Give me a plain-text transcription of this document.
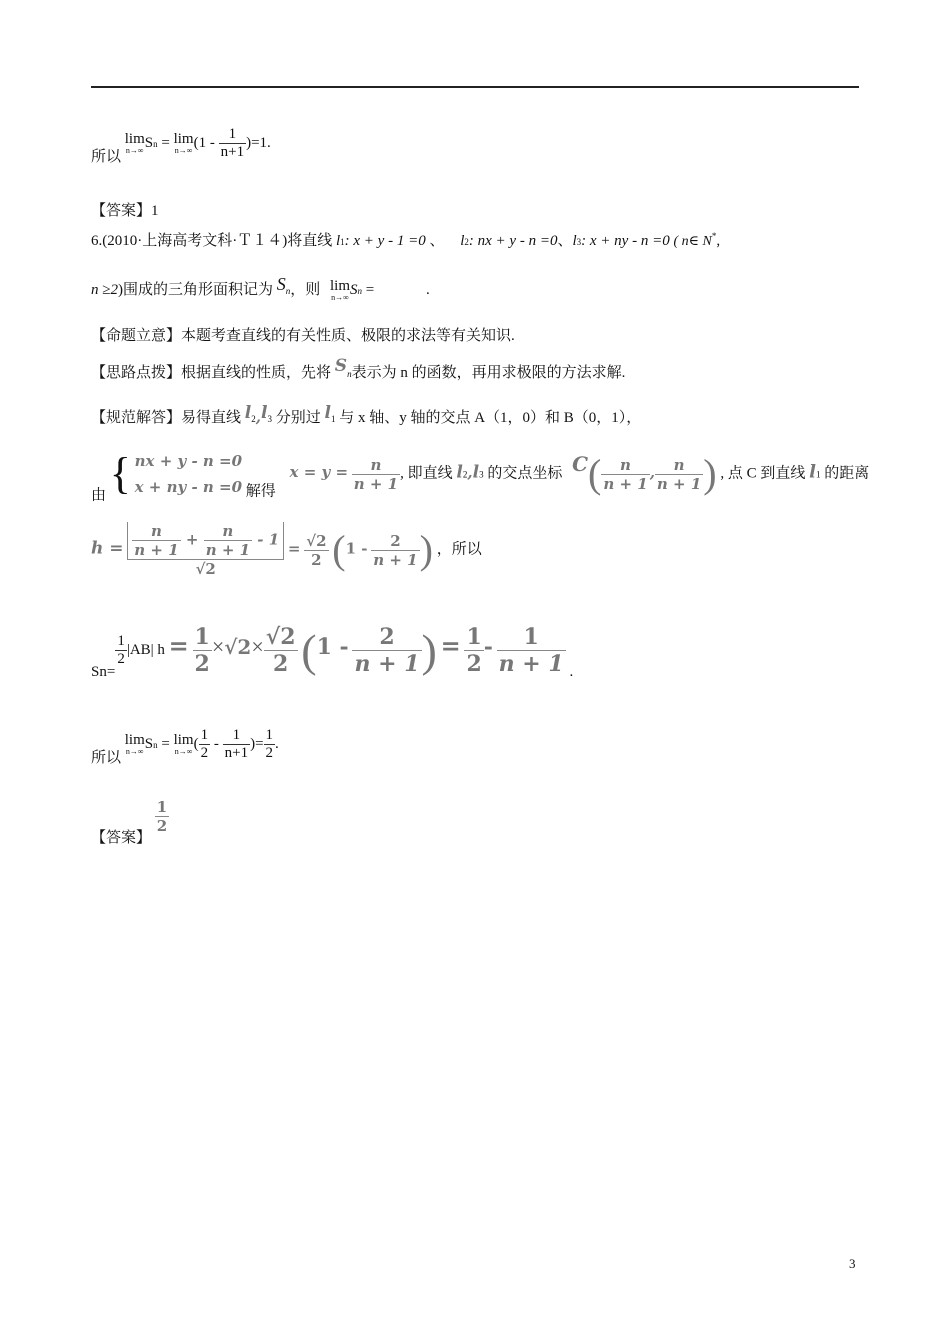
所以 lim
n→∞ Sn = lim
n→∞ $(1 - \frac{1}{n+1} )=1$.
【答案】1
6.(2010·上海高考文科·Ｔ１４)将直线 l1: x + y - 1 =0 、 l2: nx + y - n =0、l3: x + ny - n =0 ( n∈ N*,
n ≥2)围成的三角形面积记为 Sn，则 lim
n→∞ Sn =	.
【命题立意】本题考查直线的有关性质、极限的求法等有关知识.
【思路点拨】根据直线的性质，先将 Sn表示为 n 的函数，再用求极限的方法求解.
【规范解答】易得直线 l2,l3 分别过 l1 与 x 轴、y 轴的交点 A（1，0）和 B（0，1），
由 { nx + y - n =0
x + ny - n =0 解得 $x = y = \frac{n}{n + 1}$ , 即直线 l2,l3 的交点坐标 $C( \frac{n}{n + 1}$ , $\frac{n}{n + 1}$ ) , 点 C 到直线 l1 的距离
$h = \frac{\frac{n}{n + 1} + \frac{n}{n + 1} - 1}{√2} = \frac{√2}{2} (1 - \frac{2}{n + 1}$ ) ，所以
Sn=
$\frac{1}{2} |AB|$ $h = \frac{1}{2} \times√2\times \frac{√2}{2} (1 - \frac{2}{n + 1}$ ) = $\frac{1}{2} - \frac{1}{n + 1}$ .
所以 lim
n→∞ Sn = lim
n→∞ ( $\frac{1}{2} - \frac{1}{n+1}$ )= $\frac{1}{2}$ .
【答案】
$\frac{1}{2}$
3
